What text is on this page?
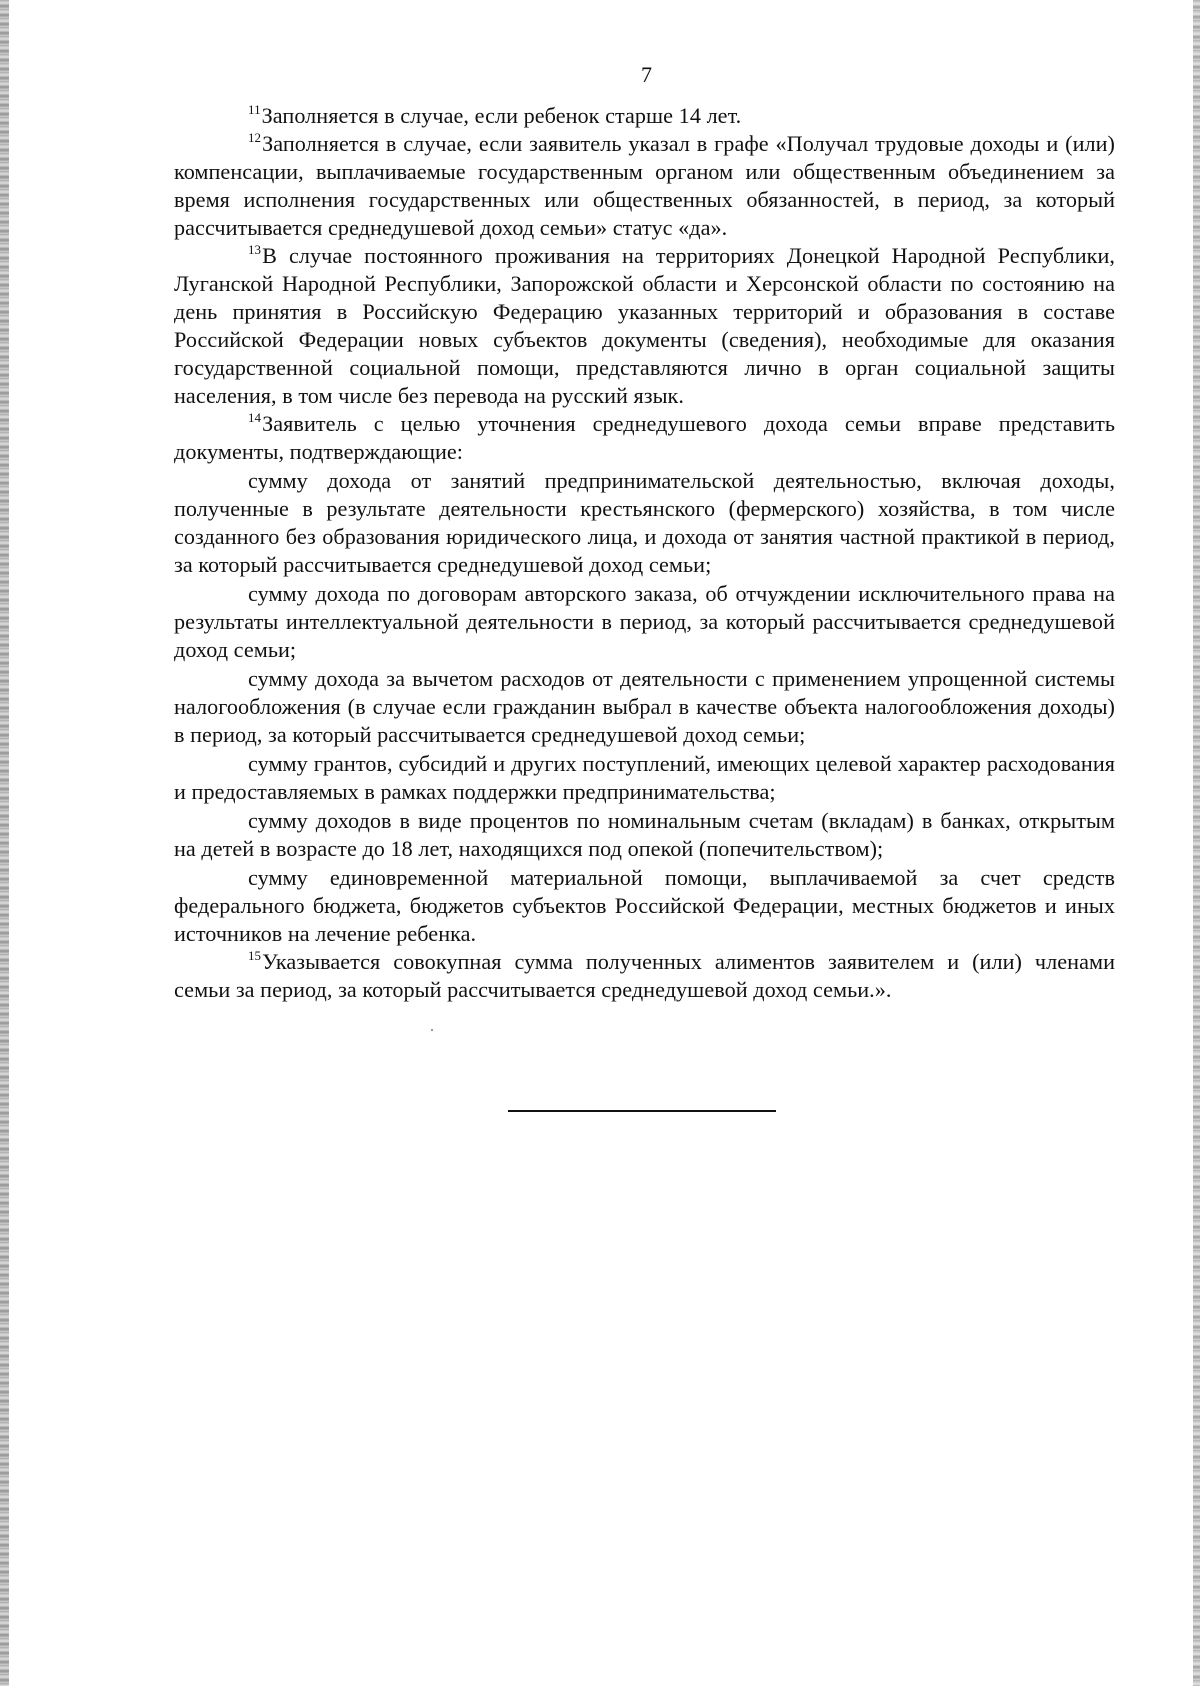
7

$^{11}$Заполняется в случае, если ребенок старше 14 лет.

$^{12}$Заполняется в случае, если заявитель указал в графе «Получал трудовые доходы и (или) компенсации, выплачиваемые государственным органом или общественным объединением за время исполнения государственных или общественных обязанностей, в период, за который рассчитывается среднедушевой доход семьи» статус «да».

$^{13}$В случае постоянного проживания на территориях Донецкой Народной Республики, Луганской Народной Республики, Запорожской области и Херсонской области по состоянию на день принятия в Российскую Федерацию указанных территорий и образования в составе Российской Федерации новых субъектов документы (сведения), необходимые для оказания государственной социальной помощи, представляются лично в орган социальной защиты населения, в том числе без перевода на русский язык.

$^{14}$Заявитель с целью уточнения среднедушевого дохода семьи вправе представить документы, подтверждающие:

сумму дохода от занятий предпринимательской деятельностью, включая доходы, полученные в результате деятельности крестьянского (фермерского) хозяйства, в том числе созданного без образования юридического лица, и дохода от занятия частной практикой в период, за который рассчитывается среднедушевой доход семьи;

сумму дохода по договорам авторского заказа, об отчуждении исключительного права на результаты интеллектуальной деятельности в период, за который рассчитывается среднедушевой доход семьи;

сумму дохода за вычетом расходов от деятельности с применением упрощенной системы налогообложения (в случае если гражданин выбрал в качестве объекта налогообложения доходы) в период, за который рассчитывается среднедушевой доход семьи;

сумму грантов, субсидий и других поступлений, имеющих целевой характер расходования и предоставляемых в рамках поддержки предпринимательства;

сумму доходов в виде процентов по номинальным счетам (вкладам) в банках, открытым на детей в возрасте до 18 лет, находящихся под опекой (попечительством);

сумму единовременной материальной помощи, выплачиваемой за счет средств федерального бюджета, бюджетов субъектов Российской Федерации, местных бюджетов и иных источников на лечение ребенка.

$^{15}$Указывается совокупная сумма полученных алиментов заявителем и (или) членами семьи за период, за который рассчитывается среднедушевой доход семьи.».
